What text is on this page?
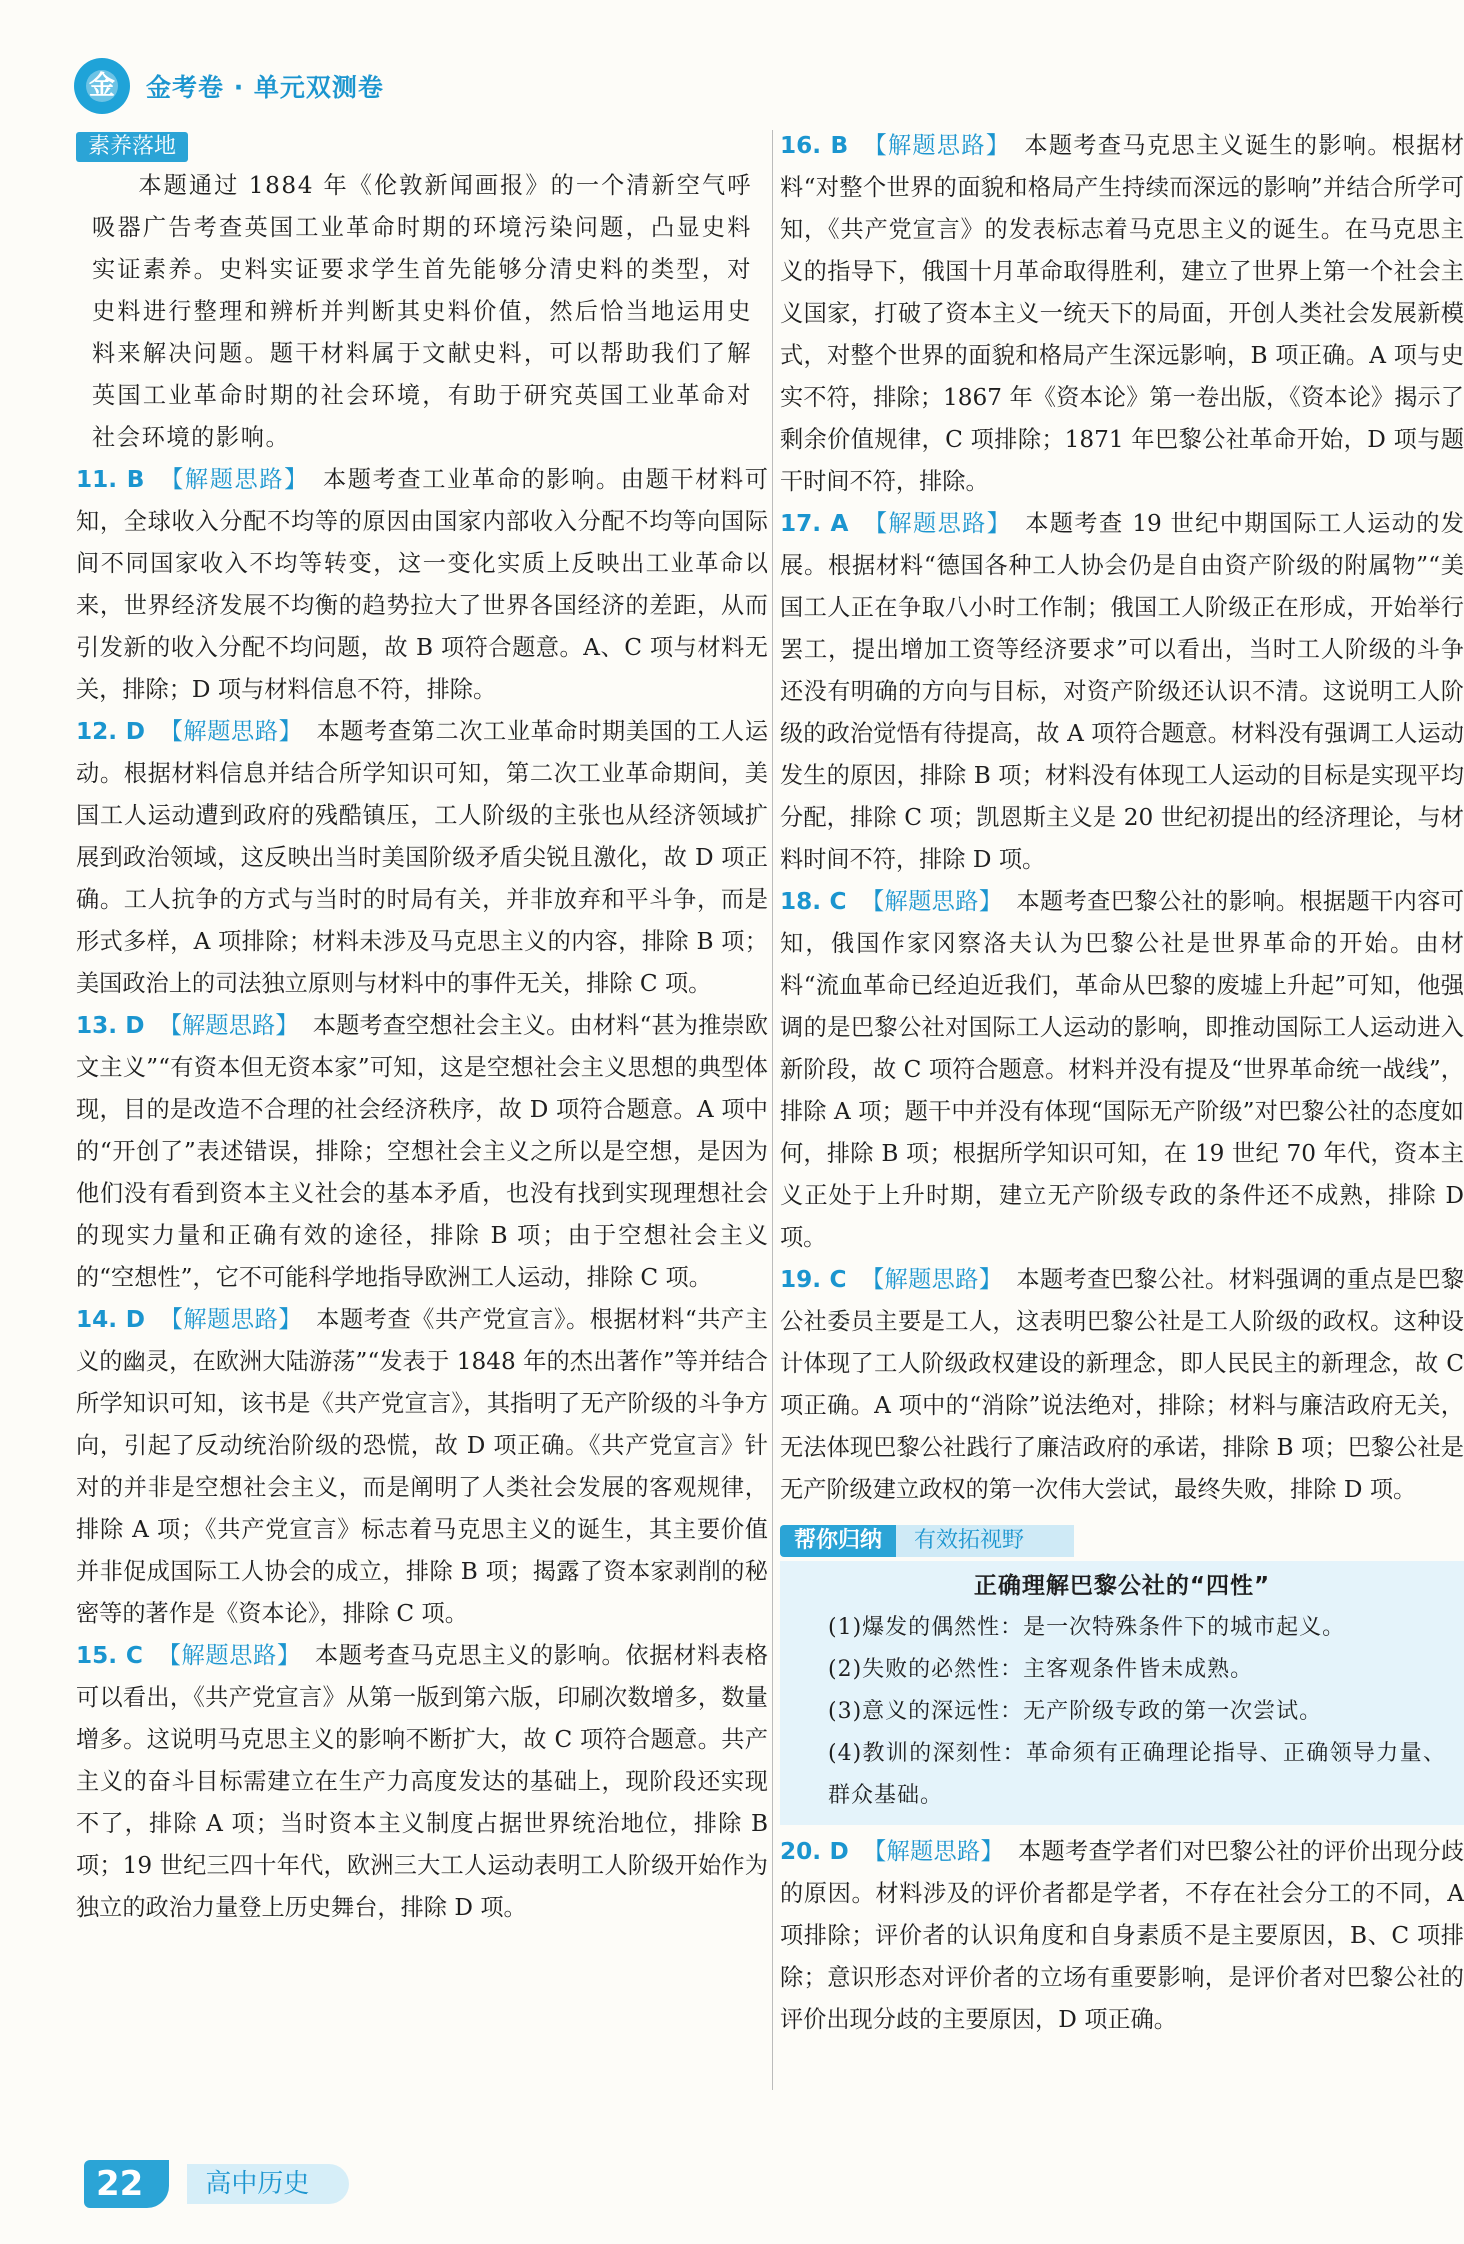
金	金考卷 · 单元双测卷
素养落地

本题通过 1884 年《伦敦新闻画报》的一个清新空气呼吸器广告考查英国工业革命时期的环境污染问题，凸显史料实证素养。史料实证要求学生首先能够分清史料的类型，对史料进行整理和辨析并判断其史料价值，然后恰当地运用史料来解决问题。题干材料属于文献史料，可以帮助我们了解英国工业革命时期的社会环境，有助于研究英国工业革命对社会环境的影响。

11. B 【解题思路】 本题考查工业革命的影响。由题干材料可知，全球收入分配不均等的原因由国家内部收入分配不均等向国际间不同国家收入不均等转变，这一变化实质上反映出工业革命以来，世界经济发展不均衡的趋势拉大了世界各国经济的差距，从而引发新的收入分配不均问题，故 B 项符合题意。A、C 项与材料无关，排除；D 项与材料信息不符，排除。

12. D 【解题思路】 本题考查第二次工业革命时期美国的工人运动。根据材料信息并结合所学知识可知，第二次工业革命期间，美国工人运动遭到政府的残酷镇压，工人阶级的主张也从经济领域扩展到政治领域，这反映出当时美国阶级矛盾尖锐且激化，故 D 项正确。工人抗争的方式与当时的时局有关，并非放弃和平斗争，而是形式多样，A 项排除；材料未涉及马克思主义的内容，排除 B 项；美国政治上的司法独立原则与材料中的事件无关，排除 C 项。

13. D 【解题思路】 本题考查空想社会主义。由材料“甚为推崇欧文主义”“有资本但无资本家”可知，这是空想社会主义思想的典型体现，目的是改造不合理的社会经济秩序，故 D 项符合题意。A 项中的“开创了”表述错误，排除；空想社会主义之所以是空想，是因为他们没有看到资本主义社会的基本矛盾，也没有找到实现理想社会的现实力量和正确有效的途径，排除 B 项；由于空想社会主义的“空想性”，它不可能科学地指导欧洲工人运动，排除 C 项。

14. D 【解题思路】 本题考查《共产党宣言》。根据材料“共产主义的幽灵，在欧洲大陆游荡”“发表于 1848 年的杰出著作”等并结合所学知识可知，该书是《共产党宣言》，其指明了无产阶级的斗争方向，引起了反动统治阶级的恐慌，故 D 项正确。《共产党宣言》针对的并非是空想社会主义，而是阐明了人类社会发展的客观规律，排除 A 项；《共产党宣言》标志着马克思主义的诞生，其主要价值并非促成国际工人协会的成立，排除 B 项；揭露了资本家剥削的秘密等的著作是《资本论》，排除 C 项。

15. C 【解题思路】 本题考查马克思主义的影响。依据材料表格可以看出，《共产党宣言》从第一版到第六版，印刷次数增多，数量增多。这说明马克思主义的影响不断扩大，故 C 项符合题意。共产主义的奋斗目标需建立在生产力高度发达的基础上，现阶段还实现不了，排除 A 项；当时资本主义制度占据世界统治地位，排除 B 项；19 世纪三四十年代，欧洲三大工人运动表明工人阶级开始作为独立的政治力量登上历史舞台，排除 D 项。

16. B 【解题思路】 本题考查马克思主义诞生的影响。根据材料“对整个世界的面貌和格局产生持续而深远的影响”并结合所学可知，《共产党宣言》的发表标志着马克思主义的诞生。在马克思主义的指导下，俄国十月革命取得胜利，建立了世界上第一个社会主义国家，打破了资本主义一统天下的局面，开创人类社会发展新模式，对整个世界的面貌和格局产生深远影响，B 项正确。A 项与史实不符，排除；1867 年《资本论》第一卷出版，《资本论》揭示了剩余价值规律，C 项排除；1871 年巴黎公社革命开始，D 项与题干时间不符，排除。

17. A 【解题思路】 本题考查 19 世纪中期国际工人运动的发展。根据材料“德国各种工人协会仍是自由资产阶级的附属物”“美国工人正在争取八小时工作制；俄国工人阶级正在形成，开始举行罢工，提出增加工资等经济要求”可以看出，当时工人阶级的斗争还没有明确的方向与目标，对资产阶级还认识不清。这说明工人阶级的政治觉悟有待提高，故 A 项符合题意。材料没有强调工人运动发生的原因，排除 B 项；材料没有体现工人运动的目标是实现平均分配，排除 C 项；凯恩斯主义是 20 世纪初提出的经济理论，与材料时间不符，排除 D 项。

18. C 【解题思路】 本题考查巴黎公社的影响。根据题干内容可知，俄国作家冈察洛夫认为巴黎公社是世界革命的开始。由材料“流血革命已经迫近我们，革命从巴黎的废墟上升起”可知，他强调的是巴黎公社对国际工人运动的影响，即推动国际工人运动进入新阶段，故 C 项符合题意。材料并没有提及“世界革命统一战线”，排除 A 项；题干中并没有体现“国际无产阶级”对巴黎公社的态度如何，排除 B 项；根据所学知识可知，在 19 世纪 70 年代，资本主义正处于上升时期，建立无产阶级专政的条件还不成熟，排除 D 项。

19. C 【解题思路】 本题考查巴黎公社。材料强调的重点是巴黎公社委员主要是工人，这表明巴黎公社是工人阶级的政权。这种设计体现了工人阶级政权建设的新理念，即人民民主的新理念，故 C 项正确。A 项中的“消除”说法绝对，排除；材料与廉洁政府无关，无法体现巴黎公社践行了廉洁政府的承诺，排除 B 项；巴黎公社是无产阶级建立政权的第一次伟大尝试，最终失败，排除 D 项。

帮你归纳	有效拓视野
正确理解巴黎公社的“四性”
(1)爆发的偶然性：是一次特殊条件下的城市起义。
(2)失败的必然性：主客观条件皆未成熟。
(3)意义的深远性：无产阶级专政的第一次尝试。
(4)教训的深刻性：革命须有正确理论指导、正确领导力量、群众基础。

20. D 【解题思路】 本题考查学者们对巴黎公社的评价出现分歧的原因。材料涉及的评价者都是学者，不存在社会分工的不同，A 项排除；评价者的认识角度和自身素质不是主要原因，B、C 项排除；意识形态对评价者的立场有重要影响，是评价者对巴黎公社的评价出现分歧的主要原因，D 项正确。

22	高中历史
